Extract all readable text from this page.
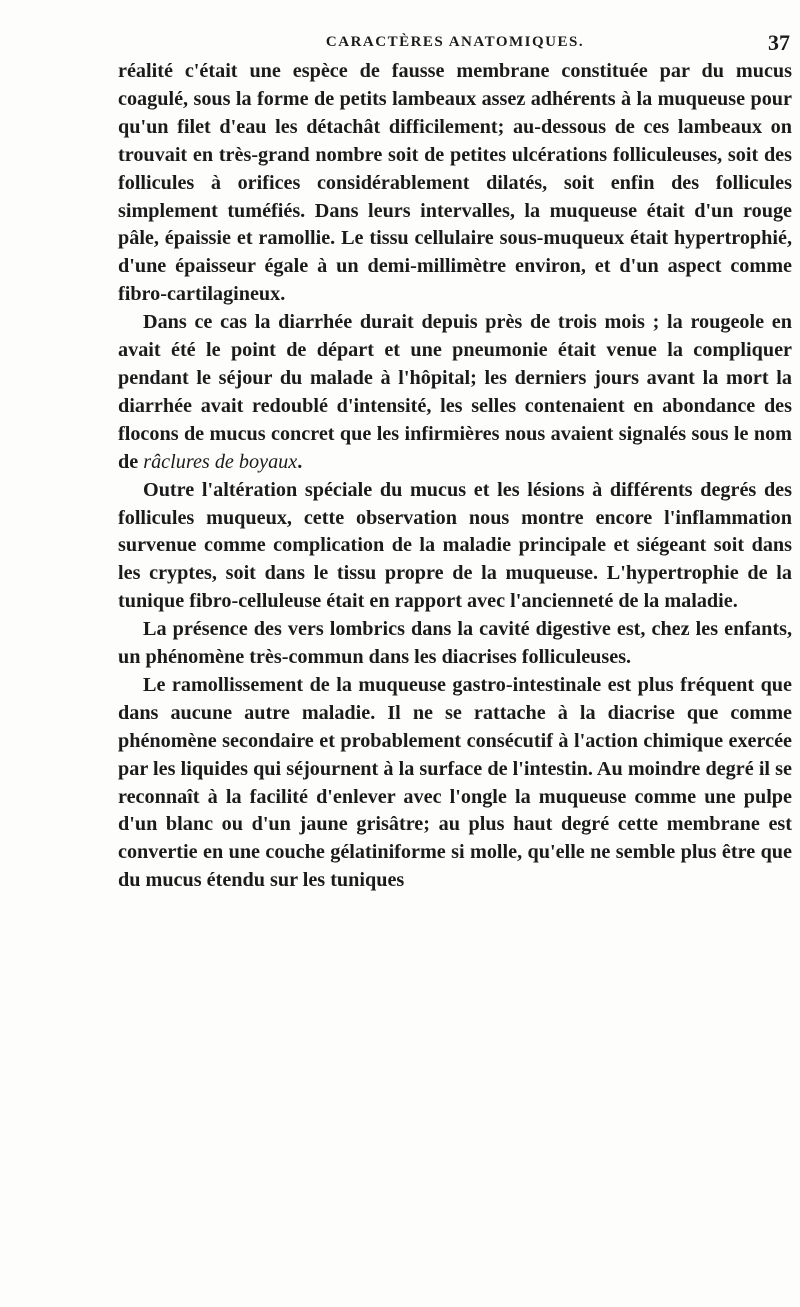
CARACTÈRES ANATOMIQUES.	37

réalité c'était une espèce de fausse membrane constituée par du mucus coagulé, sous la forme de petits lambeaux assez adhérents à la muqueuse pour qu'un filet d'eau les détachât difficilement; au-dessous de ces lambeaux on trouvait en très-grand nombre soit de petites ulcérations folliculeuses, soit des follicules à orifices considérablement dilatés, soit enfin des follicules simplement tuméfiés. Dans leurs intervalles, la muqueuse était d'un rouge pâle, épaissie et ramollie. Le tissu cellulaire sous-muqueux était hypertrophié, d'une épaisseur égale à un demi-millimètre environ, et d'un aspect comme fibro-cartilagineux.

Dans ce cas la diarrhée durait depuis près de trois mois ; la rougeole en avait été le point de départ et une pneumonie était venue la compliquer pendant le séjour du malade à l'hôpital; les derniers jours avant la mort la diarrhée avait redoublé d'intensité, les selles contenaient en abondance des flocons de mucus concret que les infirmières nous avaient signalés sous le nom de râclures de boyaux.

Outre l'altération spéciale du mucus et les lésions à différents degrés des follicules muqueux, cette observation nous montre encore l'inflammation survenue comme complication de la maladie principale et siégeant soit dans les cryptes, soit dans le tissu propre de la muqueuse. L'hypertrophie de la tunique fibro-celluleuse était en rapport avec l'ancienneté de la maladie.

La présence des vers lombrics dans la cavité digestive est, chez les enfants, un phénomène très-commun dans les diacrises folliculeuses.

Le ramollissement de la muqueuse gastro-intestinale est plus fréquent que dans aucune autre maladie. Il ne se rattache à la diacrise que comme phénomène secondaire et probablement consécutif à l'action chimique exercée par les liquides qui séjournent à la surface de l'intestin. Au moindre degré il se reconnaît à la facilité d'enlever avec l'ongle la muqueuse comme une pulpe d'un blanc ou d'un jaune grisâtre; au plus haut degré cette membrane est convertie en une couche gélatiniforme si molle, qu'elle ne semble plus être que du mucus étendu sur les tuniques
